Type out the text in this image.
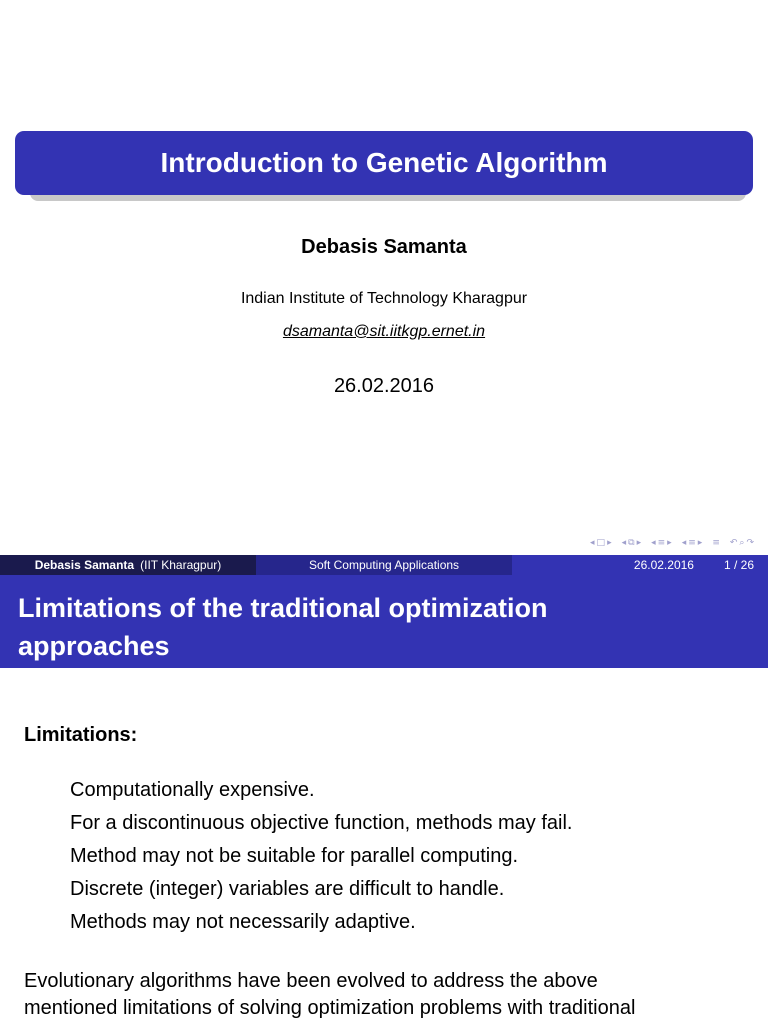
Introduction to Genetic Algorithm
Debasis Samanta
Indian Institute of Technology Kharagpur
dsamanta@sit.iitkgp.ernet.in
26.02.2016
◂ □ ▸ ◂ ⧉ ▸ ◂ ≡ ▸ ◂ ≡ ▸ ≡ ↶ ⌕ ↷
Debasis Samanta (IIT Kharagpur)	Soft Computing Applications	26.02.2016	1 / 26
Limitations of the traditional optimization
approaches
Limitations:
Computationally expensive.
For a discontinuous objective function, methods may fail.
Method may not be suitable for parallel computing.
Discrete (integer) variables are difficult to handle.
Methods may not necessarily adaptive.
Evolutionary algorithms have been evolved to address the above
mentioned limitations of solving optimization problems with traditional
